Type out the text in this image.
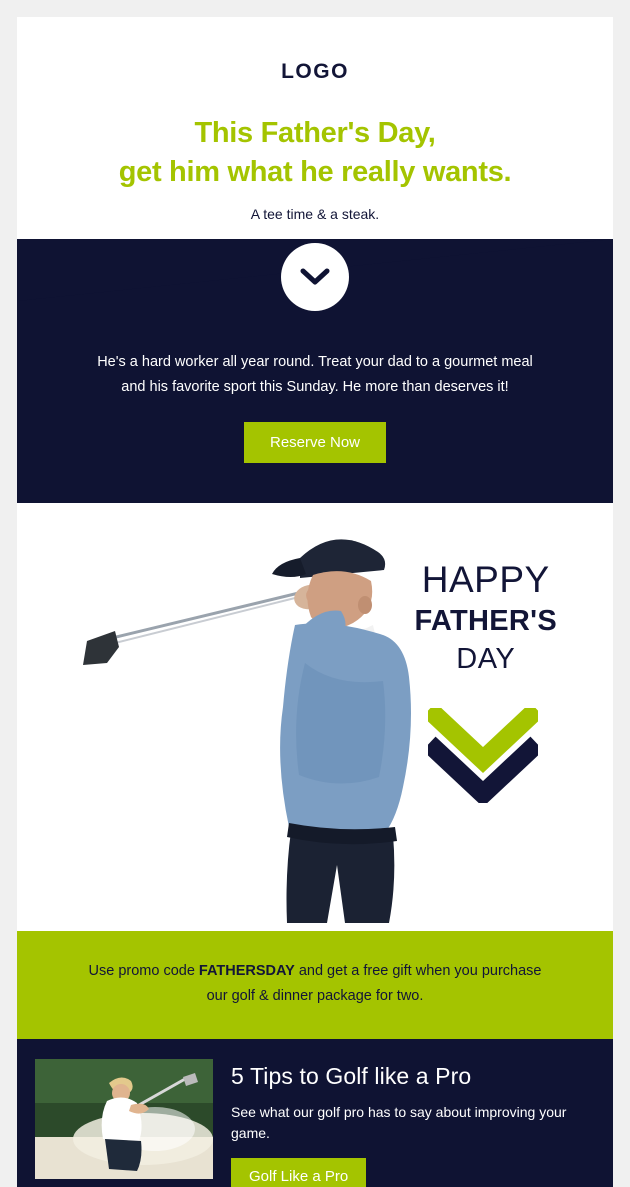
LOGO
This Father's Day,
get him what he really wants.
A tee time & a steak.
He's a hard worker all year round. Treat your dad to a gourmet meal
and his favorite sport this Sunday. He more than deserves it!
Reserve Now
HAPPY
FATHER'S
DAY
Use promo code FATHERSDAY and get a free gift when you purchase
our golf & dinner package for two.
5 Tips to Golf like a Pro
See what our golf pro has to say about improving your game.
Golf Like a Pro
